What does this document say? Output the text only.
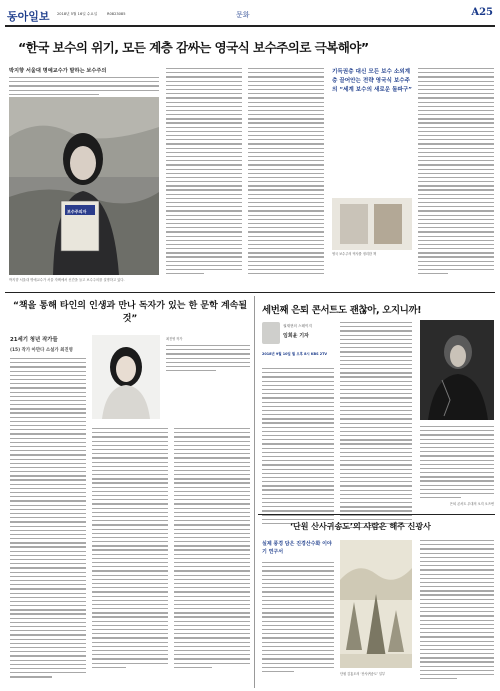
동아일보 2018년 5월 16일 수요일	R0823085	문화	A25
“한국 보수의 위기, 모든 계층 감싸는 영국식 보수주의로 극복해야”
박지향 서울대 명예교수가 말하는 보수주의
보수주의자
박지향 서울대 명예교수가 서울 자택에서 신간을 들고 보수주의를 설명하고 있다.
기득권층 대신 모든 보수 소외계층 끌어안는 전략 영국식 보수주의 “세계 보수의 새로운 돌파구”
영국 보수주의 역사를 정리한 책
“책을 통해 타인의 인생과 만나 독자가 있는 한 문학 계속될 것”
21세기 청년 작가들
(15) 작가 아만다 소설가 최진영
최진영 작가
세번째 은퇴 콘서트도 괜찮아, 오지니까!
권재현의 스테이지
임희윤 기자
2018년 9월 10일 월 오후 8시 KBS 2TV
은퇴 콘서트 무대의 오지 오즈번
‘단원 산사귀송도’의 사람은 해주 신광사
실제 풍경 담은 진경산수화 이야기 연구서
단원 김홍도의 ‘산사귀송도’ 일부
